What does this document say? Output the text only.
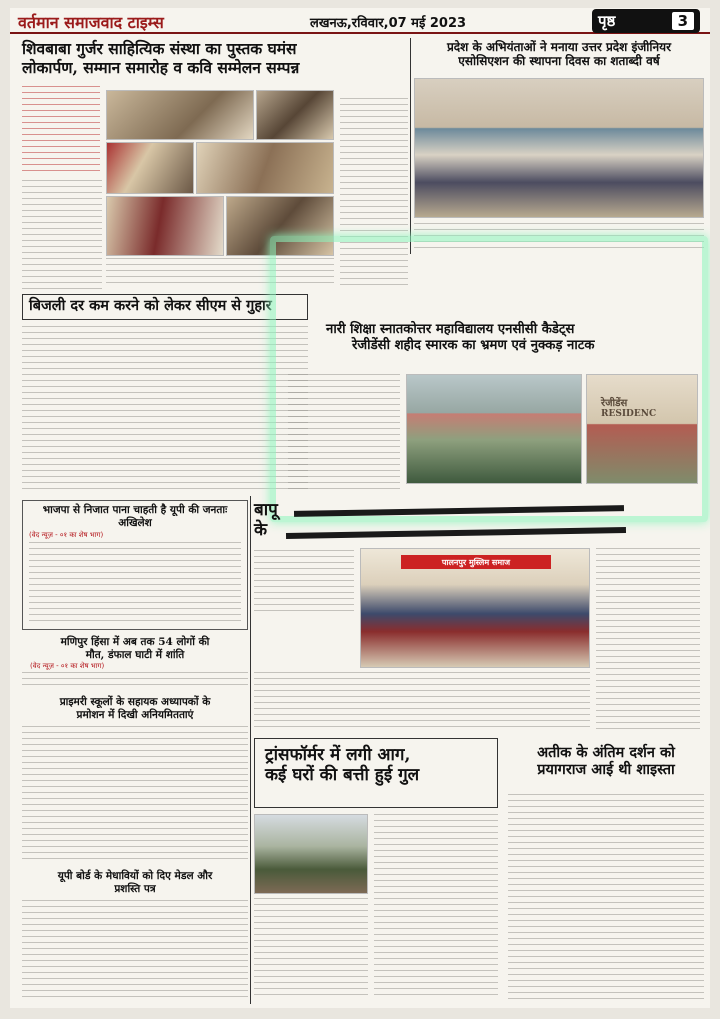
वर्तमान समाजवाद टाइम्स	लखनऊ,रविवार,07 मई 2023	पृष्ठ	3
शिवबाबा गुर्जर साहित्यिक संस्था का पुस्तक घमंस
लोकार्पण, सम्मान समारोह व कवि सम्मेलन सम्पन्न
प्रदेश के अभियंताओं ने मनाया उत्तर प्रदेश इंजीनियर
एसोसिएशन की स्थापना दिवस का शताब्दी वर्ष
बिजली दर कम करने को लेकर सीएम से गुहार
नारी शिक्षा स्नातकोत्तर महाविद्यालय एनसीसी कैडेट्स
रेजीडेंसी शहीद स्मारक का भ्रमण एवं नुक्कड़ नाटक
रेजीडेंस
RESIDENC
भाजपा से निजात पाना चाहती है यूपी की जनताः
अखिलेश
(वेद न्यूज़ - ०१ का शेष भाग)
मणिपुर हिंसा में अब तक 54 लोगों की
मौत, डंफाल घाटी में शांति
(वेद न्यूज़ - ०१ का शेष भाग)
प्राइमरी स्कूलों के सहायक अध्यापकों के
प्रमोशन में दिखी अनियमितताएं
यूपी बोर्ड के मेधावियों को दिए मेडल और
प्रशस्ति पत्र
बापू
के
पालनपुर मुस्लिम समाज
ट्रांसफॉर्मर में लगी आग,
कई घरों की बत्ती हुई गुल
अतीक के अंतिम दर्शन को
प्रयागराज आई थी शाइस्ता
